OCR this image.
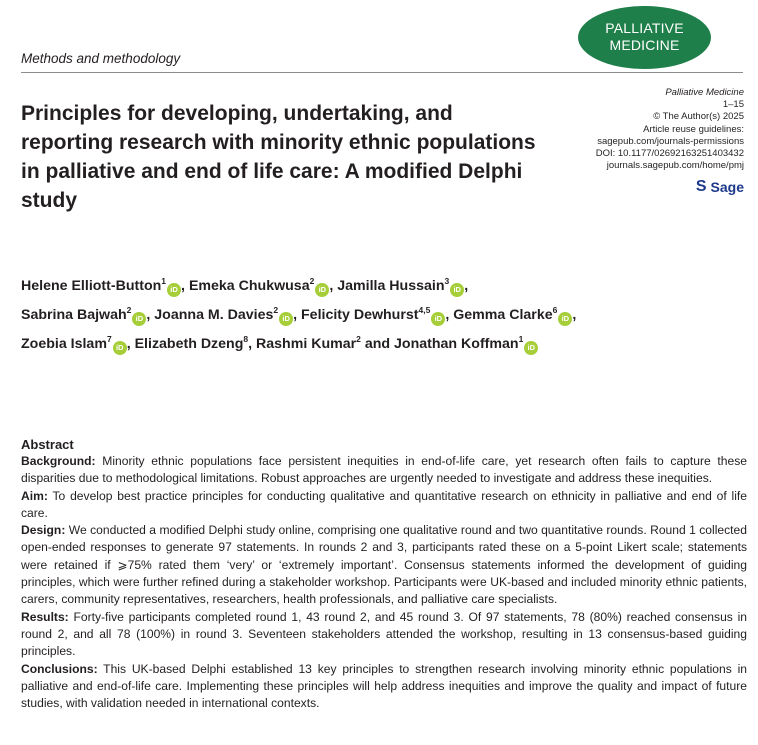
PALLIATIVE
MEDICINE
Methods and methodology
Palliative Medicine
1–15
© The Author(s) 2025
Article reuse guidelines:
sagepub.com/journals-permissions
DOI: 10.1177/02692163251403432
journals.sagepub.com/home/pmj
S Sage
Principles for developing, undertaking, and reporting research with minority ethnic populations in palliative and end of life care: A modified Delphi study
Helene Elliott-Button$^1$iD , Emeka Chukwusa$^2$iD , Jamilla Hussain$^3$iD , Sabrina Bajwah$^2$iD , Joanna M. Davies$^2$iD , Felicity Dewhurst$^{4,5}$iD , Gemma Clarke$^6$iD , Zoebia Islam$^7$iD , Elizabeth Dzeng$^8$, Rashmi Kumar$^2$ and Jonathan Koffman$^1$iD
Abstract

Background: Minority ethnic populations face persistent inequities in end-of-life care, yet research often fails to capture these disparities due to methodological limitations. Robust approaches are urgently needed to investigate and address these inequities.

Aim: To develop best practice principles for conducting qualitative and quantitative research on ethnicity in palliative and end of life care.

Design: We conducted a modified Delphi study online, comprising one qualitative round and two quantitative rounds. Round 1 collected open-ended responses to generate 97 statements. In rounds 2 and 3, participants rated these on a 5-point Likert scale; statements were retained if ⩾75% rated them ‘very’ or ‘extremely important’. Consensus statements informed the development of guiding principles, which were further refined during a stakeholder workshop. Participants were UK-based and included minority ethnic patients, carers, community representatives, researchers, health professionals, and palliative care specialists.

Results: Forty-five participants completed round 1, 43 round 2, and 45 round 3. Of 97 statements, 78 (80%) reached consensus in round 2, and all 78 (100%) in round 3. Seventeen stakeholders attended the workshop, resulting in 13 consensus-based guiding principles.

Conclusions: This UK-based Delphi established 13 key principles to strengthen research involving minority ethnic populations in palliative and end-of-life care. Implementing these principles will help address inequities and improve the quality and impact of future studies, with validation needed in international contexts.
